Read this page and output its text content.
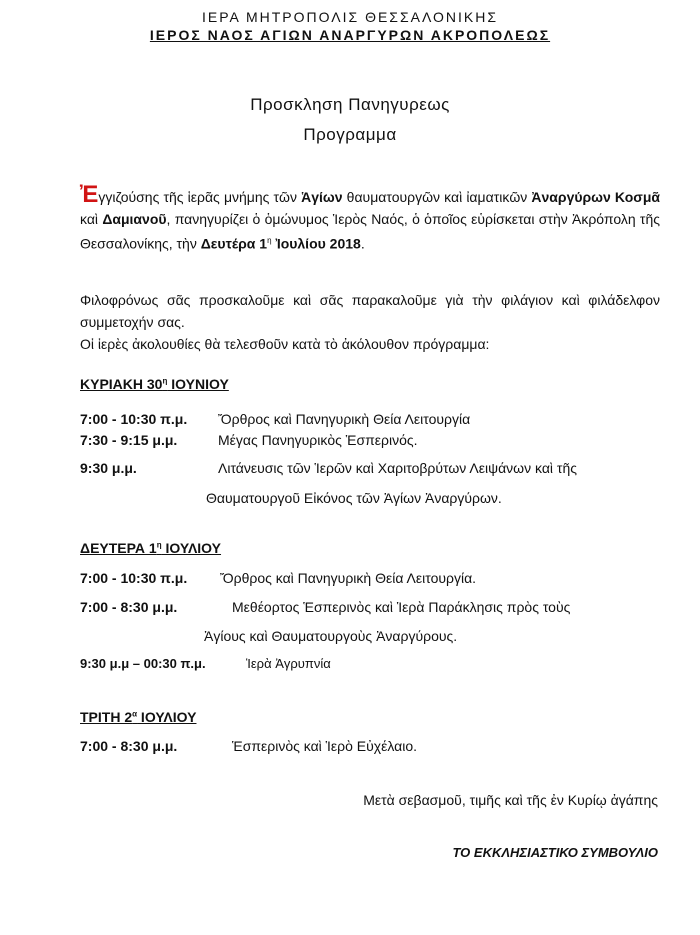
ΙΕΡΑ ΜΗΤΡΟΠΟΛΙΣ ΘΕΣΣΑΛΟΝΙΚΗΣ
ΙΕΡΟΣ ΝΑΟΣ ΑΓΙΩΝ ΑΝΑΡΓΥΡΩΝ ΑΚΡΟΠΟΛΕΩΣ
Προσκληση Πανηγυρεως
Προγραμμα
Ἐγγιζούσης τῆς ἱερᾶς μνήμης τῶν Ἁγίων θαυματουργῶν καὶ ἰαματικῶν Ἀναργύρων Κοσμᾶ καὶ Δαμιανοῦ, πανηγυρίζει ὁ ὁμώνυμος Ἱερὸς Ναός, ὁ ὁποῖος εὑρίσκεται στὴν Ἀκρόπολη τῆς Θεσσαλονίκης, τὴν Δευτέρα $1^\eta$ Ἰουλίου 2018.
Φιλοφρόνως σᾶς προσκαλοῦμε καὶ σᾶς παρακαλοῦμε γιὰ τὴν φιλάγιον καὶ φιλάδελφον συμμετοχήν σας.
Οἱ ἱερὲς ἀκολουθίες θὰ τελεσθοῦν κατὰ τὸ ἀκόλουθον πρόγραμμα:
ΚΥΡΙΑΚΗ $30^\eta$ ΙΟΥΝΙΟΥ
7:00 - 10:30 π.μ. Ὄρθρος καὶ Πανηγυρικὴ Θεία Λειτουργία
7:30 - 9:15 μ.μ.	Μέγας Πανηγυρικὸς Ἑσπερινός.
9:30 μ.μ.	Λιτάνευσις τῶν Ἱερῶν καὶ Χαριτοβρύτων Λειψάνων καὶ τῆς
Θαυματουργοῦ Εἰκόνος τῶν Ἁγίων Ἀναργύρων.
ΔΕΥΤΕΡΑ $1^\eta$ ΙΟΥΛΙΟΥ
7:00 - 10:30 π.μ. Ὄρθρος καὶ Πανηγυρικὴ Θεία Λειτουργία.
7:00 - 8:30 μ.μ.	Μεθέορτος Ἑσπερινὸς καὶ Ἱερὰ Παράκλησις πρὸς τοὺς
Ἁγίους καὶ Θαυματουργοὺς Ἀναργύρους.
9:30 μ.μ – 00:30 π.μ.	Ἱερὰ Ἀγρυπνία
ΤΡΙΤΗ $2^\alpha$ ΙΟΥΛΙΟΥ
7:00 - 8:30 μ.μ.	Ἑσπερινὸς καὶ Ἱερὸ Εὐχέλαιο.
Μετὰ σεβασμοῦ, τιμῆς καὶ τῆς ἐν Κυρίῳ ἀγάπης
ΤΟ ΕΚΚΛΗΣΙΑΣΤΙΚΟ ΣΥΜΒΟΥΛΙΟ
